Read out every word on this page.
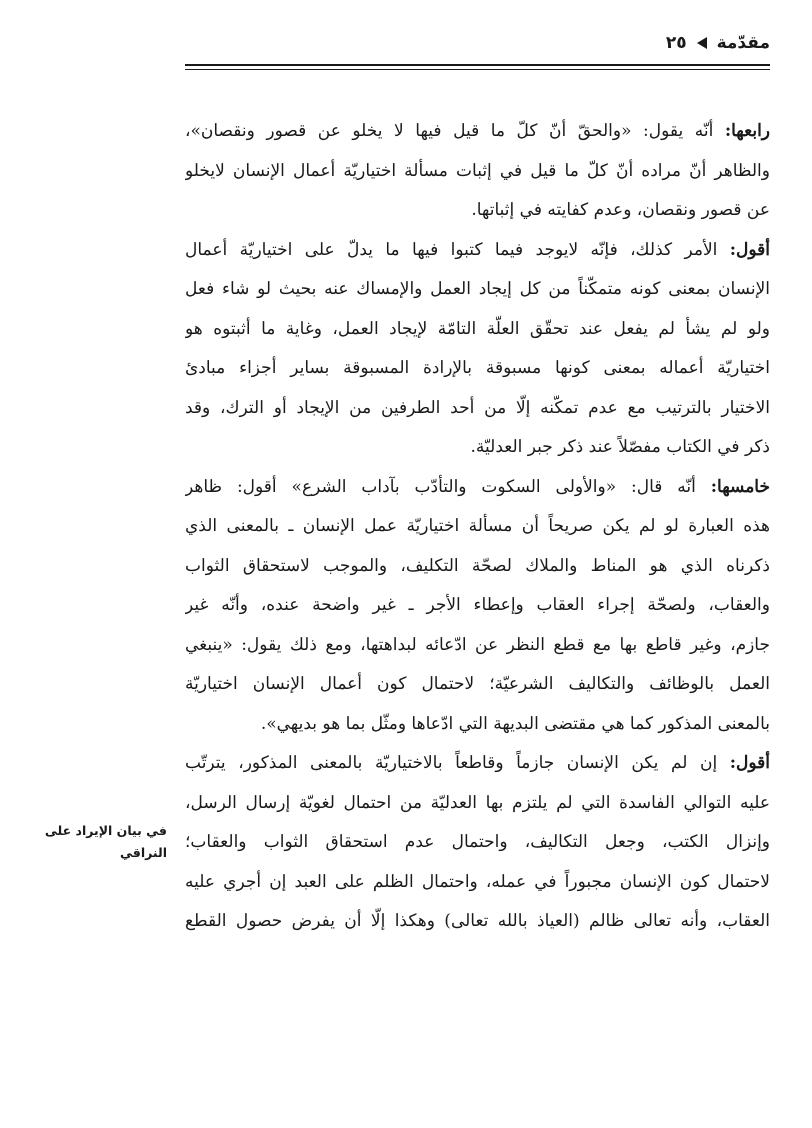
مقدّمة
٢٥
في بيان الإيراد على
النراقي
رابعها: أنّه يقول: «والحقّ أنّ كلّ ما قيل فيها لا يخلو عن قصور ونقصان»،
والظاهر أنّ مراده أنّ كلّ ما قيل في إثبات مسألة اختياريّة أعمال الإنسان لايخلو
عن قصور ونقصان، وعدم كفايته في إثباتها.
أقول: الأمر كذلك، فإنّه لايوجد فيما كتبوا فيها ما يدلّ على اختياريّة أعمال
الإنسان بمعنى كونه متمكّناً من كل إيجاد العمل والإمساك عنه بحيث لو شاء فعل
ولو لم يشأ لم يفعل عند تحقّق العلّة التامّة لإيجاد العمل، وغاية ما أثبتوه هو
اختياريّة أعماله بمعنى كونها مسبوقة بالإرادة المسبوقة بساير أجزاء مبادئ
الاختيار بالترتيب مع عدم تمكّنه إلّا من أحد الطرفين من الإيجاد أو الترك، وقد
ذكر في الكتاب مفصّلاً عند ذكر جبر العدليّة.
خامسها: أنّه قال: «والأولى السكوت والتأدّب بآداب الشرع» أقول: ظاهر
هذه العبارة لو لم يكن صريحاً أن مسألة اختياريّة عمل الإنسان ـ بالمعنى الذي
ذكرناه الذي هو المناط والملاك لصحّة التكليف، والموجب لاستحقاق الثواب
والعقاب، ولصحّة إجراء العقاب وإعطاء الأجر ـ غير واضحة عنده، وأنّه غير
جازم، وغير قاطع بها مع قطع النظر عن ادّعائه لبداهتها، ومع ذلك يقول: «ينبغي
العمل بالوظائف والتكاليف الشرعيّة؛ لاحتمال كون أعمال الإنسان اختياريّة
بالمعنى المذكور كما هي مقتضى البديهة التي ادّعاها ومثّل بما هو بديهي».
أقول: إن لم يكن الإنسان جازماً وقاطعاً بالاختياريّة بالمعنى المذكور، يترتّب
عليه التوالي الفاسدة التي لم يلتزم بها العدليّة من احتمال لغويّة إرسال الرسل،
وإنزال الكتب، وجعل التكاليف، واحتمال عدم استحقاق الثواب والعقاب؛
لاحتمال كون الإنسان مجبوراً في عمله، واحتمال الظلم على العبد إن أجري عليه
العقاب، وأنه تعالى ظالم (العياذ بالله تعالى) وهكذا إلّا أن يفرض حصول القطع
